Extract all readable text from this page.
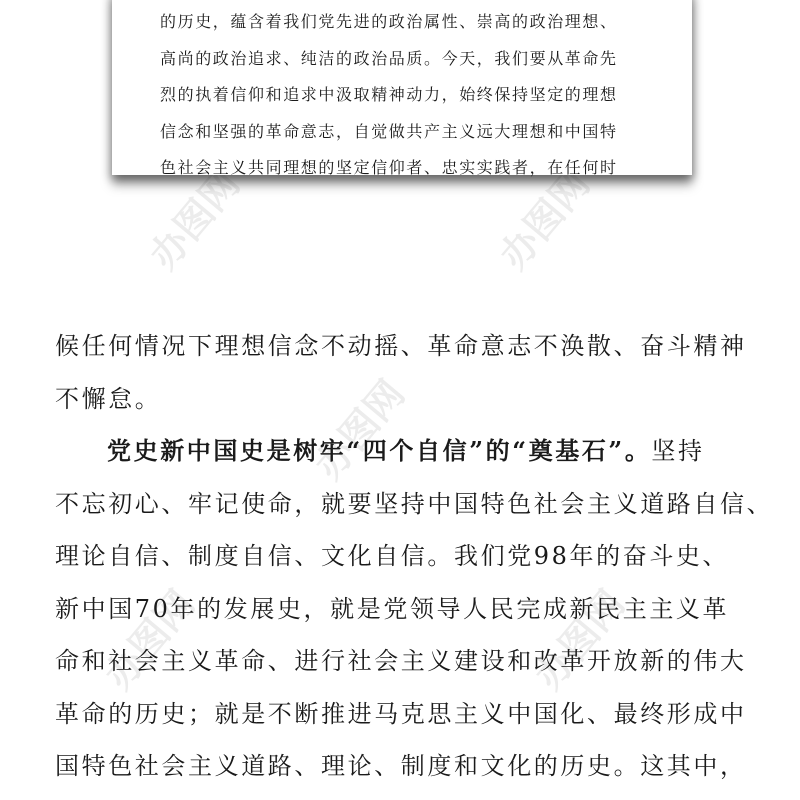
办图网	办图网
办图网
办图网	办图网
的历史，蕴含着我们党先进的政治属性、崇高的政治理想、
高尚的政治追求、纯洁的政治品质。今天，我们要从革命先
烈的执着信仰和追求中汲取精神动力，始终保持坚定的理想
信念和坚强的革命意志，自觉做共产主义远大理想和中国特
色社会主义共同理想的坚定信仰者、忠实实践者，在任何时
候任何情况下理想信念不动摇、革命意志不涣散、奋斗精神
不懈怠。
党史新中国史是树牢“四个自信”的“奠基石”。坚持
不忘初心、牢记使命，就要坚持中国特色社会主义道路自信、
理论自信、制度自信、文化自信。我们党98年的奋斗史、
新中国70年的发展史，就是党领导人民完成新民主主义革
命和社会主义革命、进行社会主义建设和改革开放新的伟大
革命的历史；就是不断推进马克思主义中国化、最终形成中
国特色社会主义道路、理论、制度和文化的历史。这其中，
